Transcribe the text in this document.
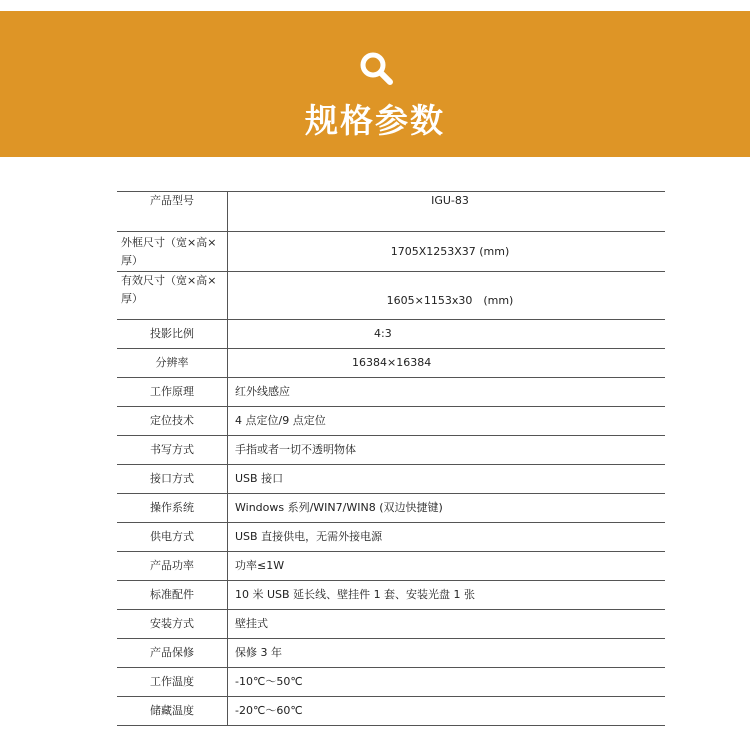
规格参数
产品型号	IGU-83
外框尺寸（宽×高×厚）	1705X1253X37 (mm)
有效尺寸（宽×高×厚）	1605×1153x30　(mm)
投影比例	4:3
分辨率	16384×16384
工作原理	红外线感应
定位技术	4 点定位/9 点定位
书写方式	手指或者一切不透明物体
接口方式	USB 接口
操作系统	Windows 系列/WIN7/WIN8 (双边快捷键)
供电方式	USB 直接供电，无需外接电源
产品功率	功率≤1W
标准配件	10 米 USB 延长线、壁挂件 1 套、安装光盘 1 张
安装方式	壁挂式
产品保修	保修 3 年
工作温度	-10℃～50℃
储藏温度	-20℃～60℃
